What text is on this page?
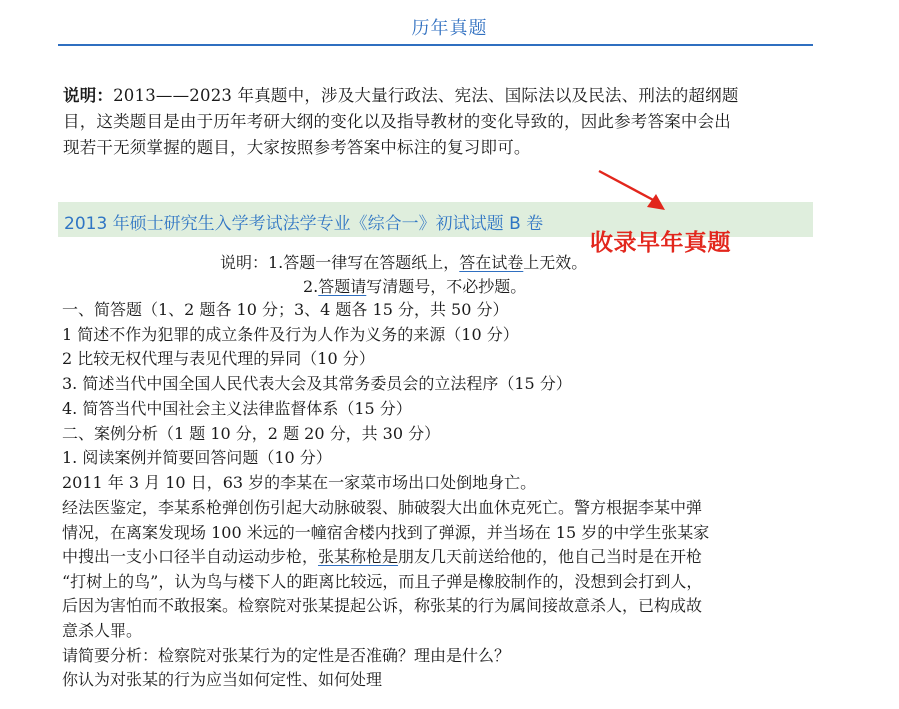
历年真题
说明：2013——2023 年真题中，涉及大量行政法、宪法、国际法以及民法、刑法的超纲题
目，这类题目是由于历年考研大纲的变化以及指导教材的变化导致的，因此参考答案中会出
现若干无须掌握的题目，大家按照参考答案中标注的复习即可。
2013 年硕士研究生入学考试法学专业《综合一》初试试题 B 卷
收录早年真题
说明：1.答题一律写在答题纸上，答在试卷上无效。
2.答题请写清题号，不必抄题。
一、简答题（1、2 题各 10 分；3、4 题各 15 分，共 50 分）
1 简述不作为犯罪的成立条件及行为人作为义务的来源（10 分）
2 比较无权代理与表见代理的异同（10 分）
3. 简述当代中国全国人民代表大会及其常务委员会的立法程序（15 分）
4. 简答当代中国社会主义法律监督体系（15 分）
二、案例分析（1 题 10 分，2 题 20 分，共 30 分）
1. 阅读案例并简要回答问题（10 分）
2011 年 3 月 10 日，63 岁的李某在一家菜市场出口处倒地身亡。
经法医鉴定，李某系枪弹创伤引起大动脉破裂、肺破裂大出血休克死亡。警方根据李某中弹
情况，在离案发现场 100 米远的一幢宿舍楼内找到了弹源，并当场在 15 岁的中学生张某家
中搜出一支小口径半自动运动步枪，张某称枪是朋友几天前送给他的，他自己当时是在开枪
“打树上的鸟”，认为鸟与楼下人的距离比较远，而且子弹是橡胶制作的，没想到会打到人，
后因为害怕而不敢报案。检察院对张某提起公诉，称张某的行为属间接故意杀人，已构成故
意杀人罪。
请简要分析：检察院对张某行为的定性是否准确？理由是什么？
你认为对张某的行为应当如何定性、如何处理
